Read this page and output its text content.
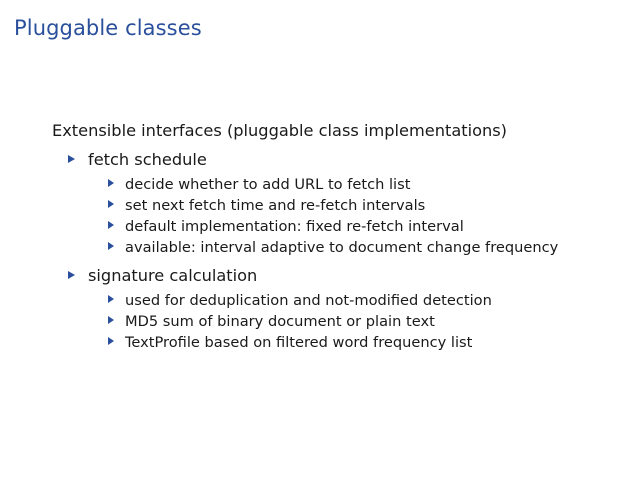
Pluggable classes
Extensible interfaces (pluggable class implementations)
fetch schedule
decide whether to add URL to fetch list
set next fetch time and re-fetch intervals
default implementation: fixed re-fetch interval
available: interval adaptive to document change frequency
signature calculation
used for deduplication and not-modified detection
MD5 sum of binary document or plain text
TextProfile based on filtered word frequency list
